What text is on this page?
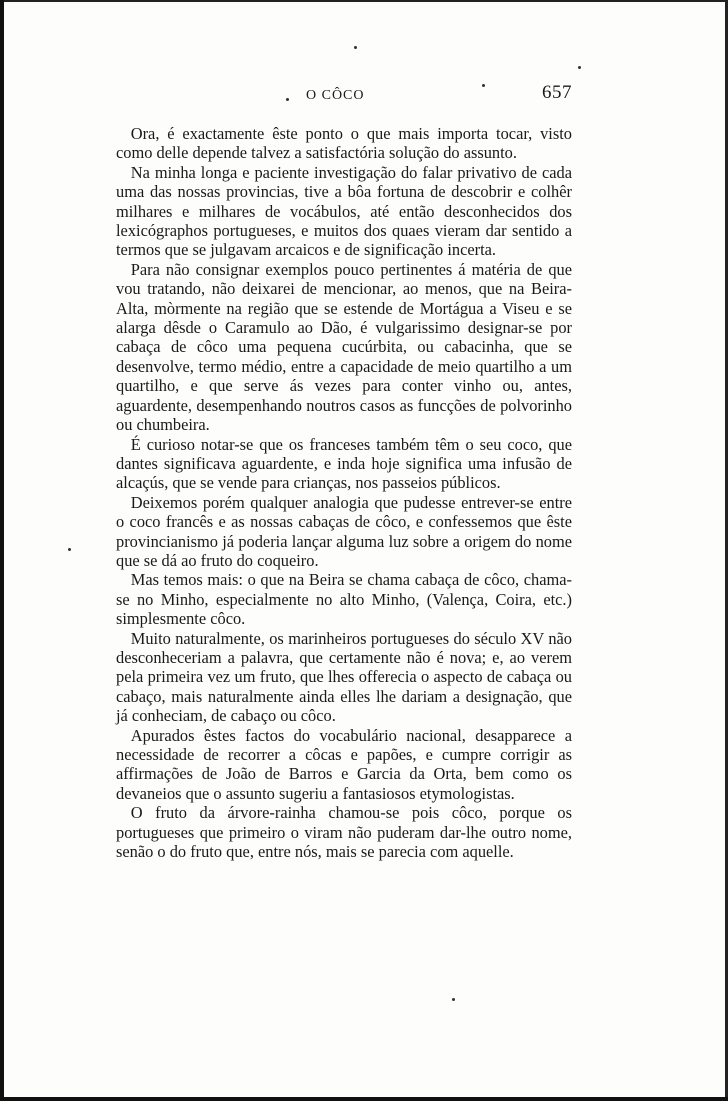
O CÔCO	657

Ora, é exactamente êste ponto o que mais importa tocar, visto como delle depende talvez a satisfactória solução do assunto.

Na minha longa e paciente investigação do falar privativo de cada uma das nossas provincias, tive a bôa fortuna de descobrir e colhêr milhares e milhares de vocábulos, até então desconhecidos dos lexicógraphos portugueses, e muitos dos quaes vieram dar sentido a termos que se julgavam arcaicos e de significação incerta.

Para não consignar exemplos pouco pertinentes á matéria de que vou tratando, não deixarei de mencionar, ao menos, que na Beira-Alta, mòrmente na região que se estende de Mortágua a Viseu e se alarga dêsde o Caramulo ao Dão, é vulgarissimo designar-se por cabaça de côco uma pequena cucúrbita, ou cabacinha, que se desenvolve, termo médio, entre a capacidade de meio quartilho a um quartilho, e que serve ás vezes para conter vinho ou, antes, aguardente, desempenhando noutros casos as funcções de polvorinho ou chumbeira.

É curioso notar-se que os franceses também têm o seu coco, que dantes significava aguardente, e inda hoje significa uma infusão de alcaçús, que se vende para crianças, nos passeios públicos.

Deixemos porém qualquer analogia que pudesse entrever-se entre o coco francês e as nossas cabaças de côco, e confessemos que êste provincianismo já poderia lançar alguma luz sobre a origem do nome que se dá ao fruto do coqueiro.

Mas temos mais: o que na Beira se chama cabaça de côco, chama-se no Minho, especialmente no alto Minho, (Valença, Coira, etc.) simplesmente côco.

Muito naturalmente, os marinheiros portugueses do século XV não desconheceriam a palavra, que certamente não é nova; e, ao verem pela primeira vez um fruto, que lhes offerecia o aspecto de cabaça ou cabaço, mais naturalmente ainda elles lhe dariam a designação, que já conheciam, de cabaço ou côco.

Apurados êstes factos do vocabulário nacional, desapparece a necessidade de recorrer a côcas e papões, e cumpre corrigir as affirmações de João de Barros e Garcia da Orta, bem como os devaneios que o assunto sugeriu a fantasiosos etymologistas.

O fruto da árvore-rainha chamou-se pois côco, porque os portugueses que primeiro o viram não puderam dar-lhe outro nome, senão o do fruto que, entre nós, mais se parecia com aquelle.
